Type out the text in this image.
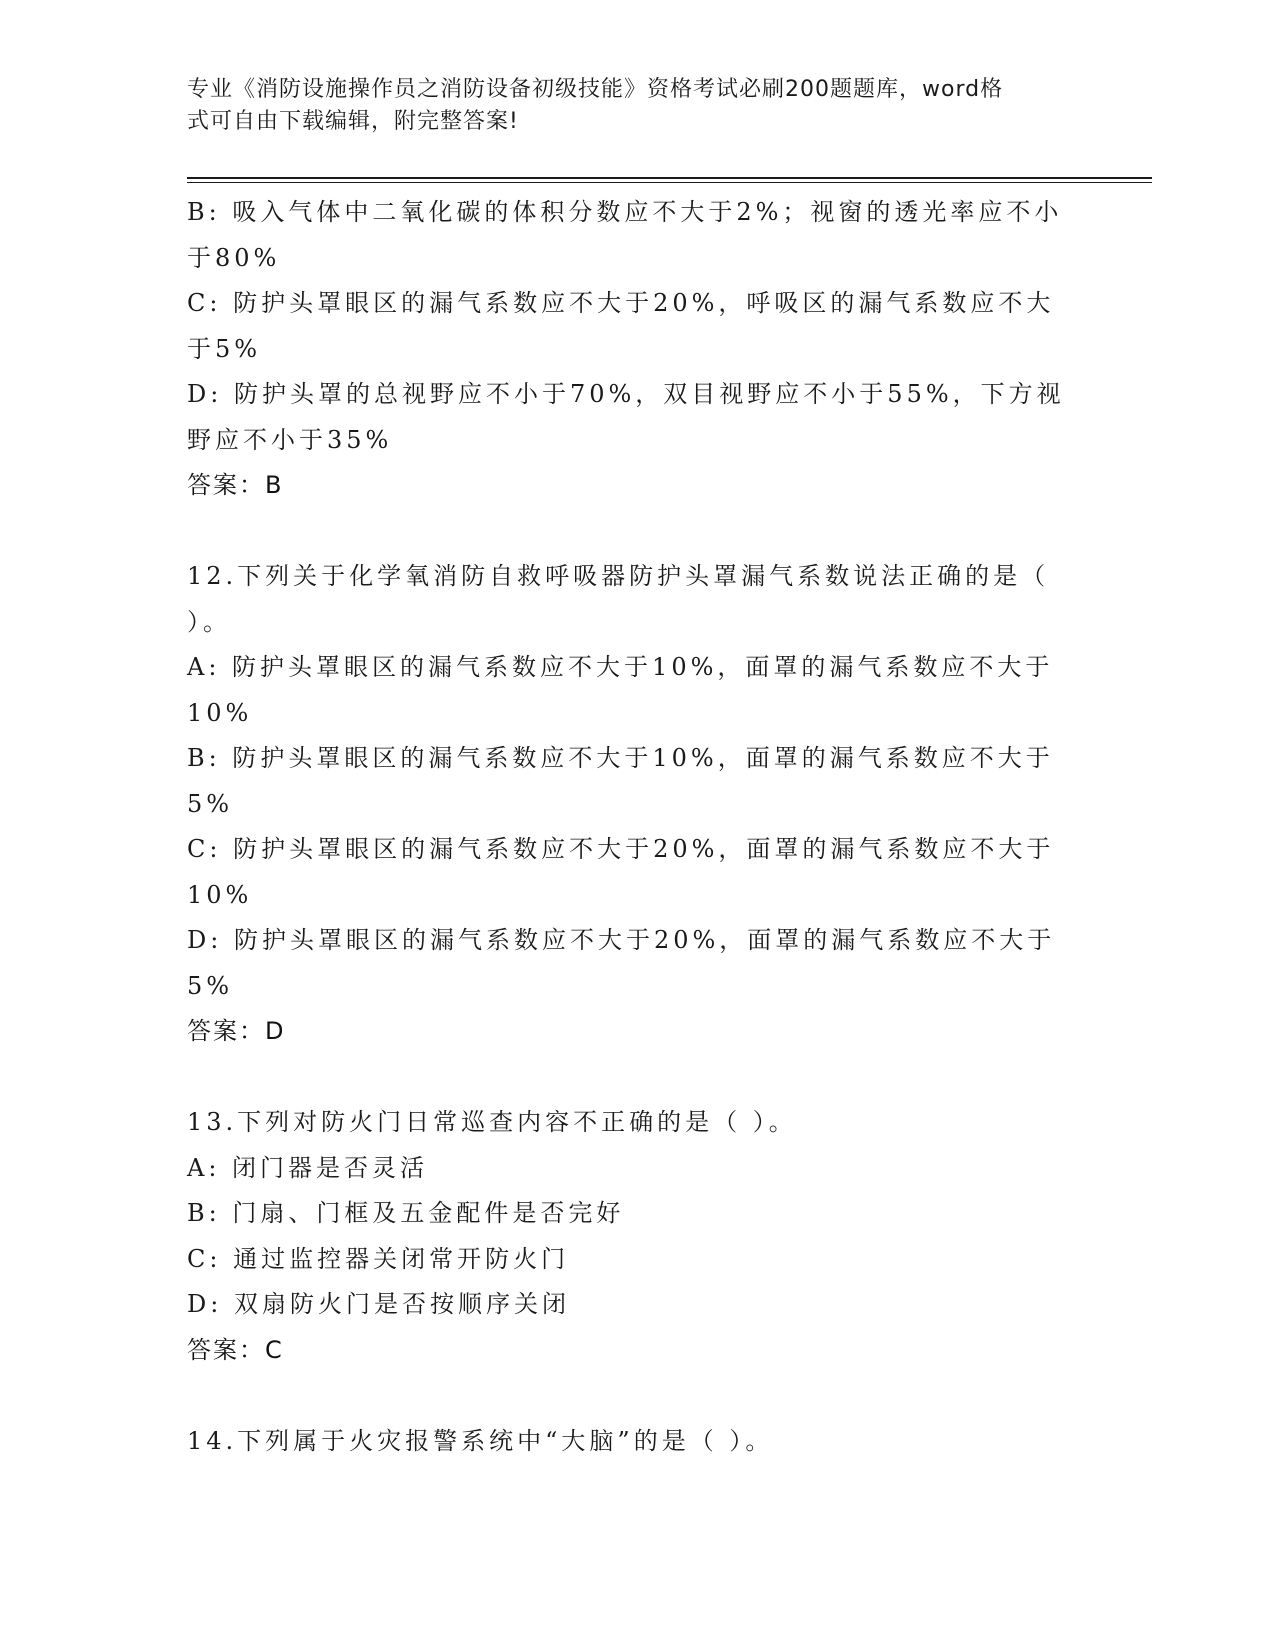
专业《消防设施操作员之消防设备初级技能》资格考试必刷200题题库，word格
式可自由下载编辑，附完整答案!
B: 吸入气体中二氧化碳的体积分数应不大于2%；视窗的透光率应不小
于80%
C: 防护头罩眼区的漏气系数应不大于20%，呼吸区的漏气系数应不大
于5%
D: 防护头罩的总视野应不小于70%，双目视野应不小于55%，下方视
野应不小于35%
答案：B
12.下列关于化学氧消防自救呼吸器防护头罩漏气系数说法正确的是（
）。
A: 防护头罩眼区的漏气系数应不大于10%，面罩的漏气系数应不大于
10%
B: 防护头罩眼区的漏气系数应不大于10%，面罩的漏气系数应不大于
5%
C: 防护头罩眼区的漏气系数应不大于20%，面罩的漏气系数应不大于
10%
D: 防护头罩眼区的漏气系数应不大于20%，面罩的漏气系数应不大于
5%
答案：D
13.下列对防火门日常巡查内容不正确的是（ ）。
A: 闭门器是否灵活
B: 门扇、门框及五金配件是否完好
C: 通过监控器关闭常开防火门
D: 双扇防火门是否按顺序关闭
答案：C
14.下列属于火灾报警系统中“大脑”的是（ ）。
